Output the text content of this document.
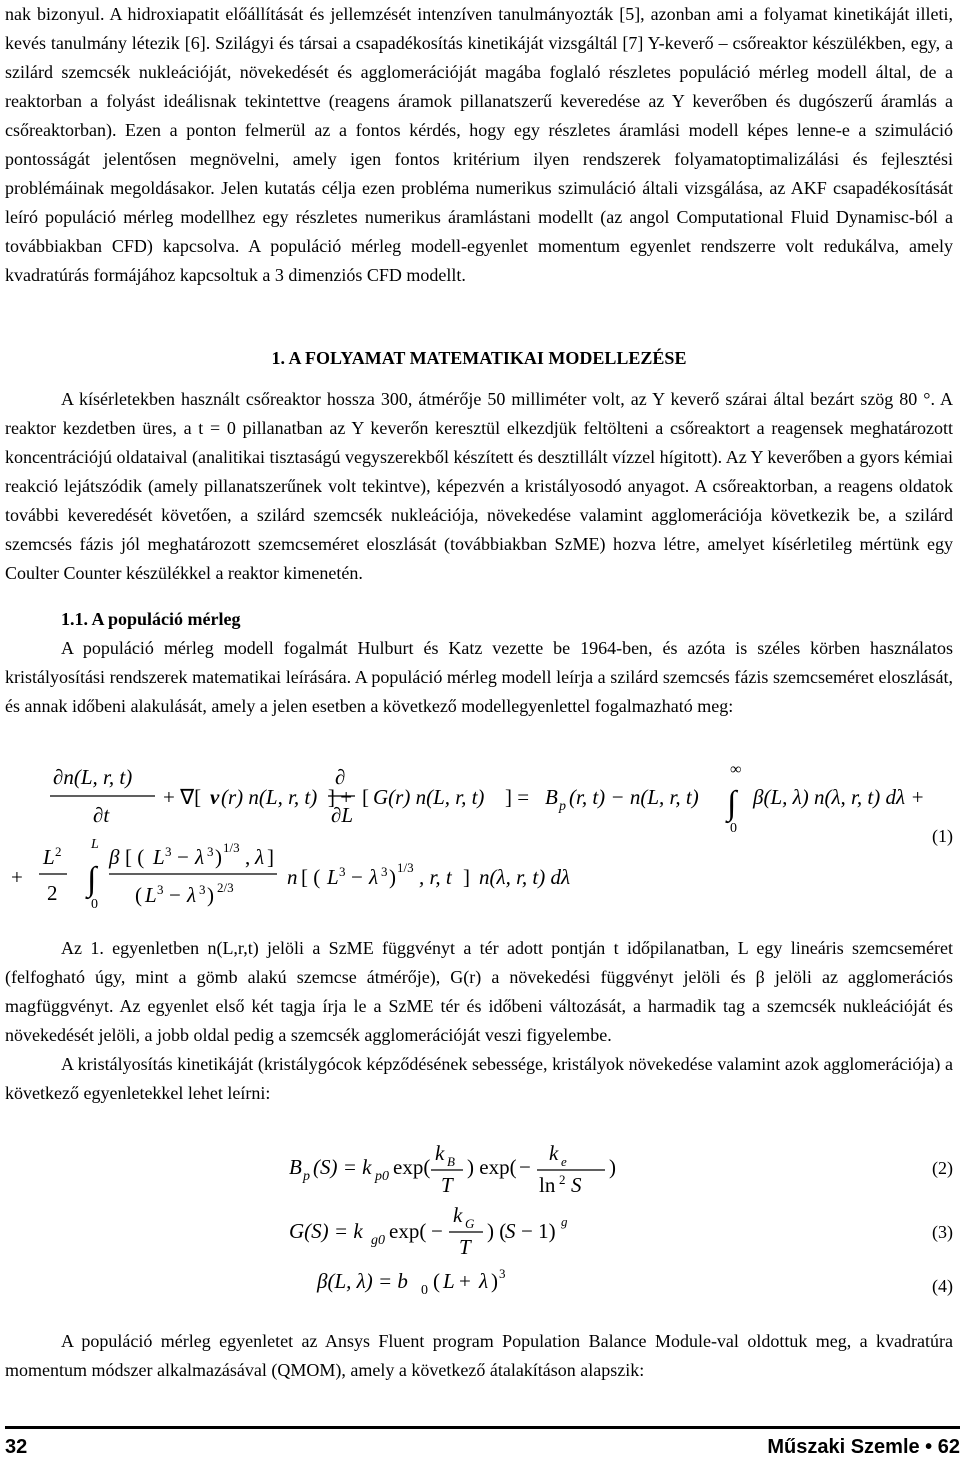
nak bizonyul. A hidroxiapatit előállítását és jellemzését intenzíven tanulmányozták [5], azonban ami a folyamat kinetikáját illeti, kevés tanulmány létezik [6]. Szilágyi és társai a csapadékosítás kinetikáját vizsgáltál [7] Y-keverő – csőreaktor készülékben, egy, a szilárd szemcsék nukleációját, növekedését és agglomerációját magába foglaló részletes populáció mérleg modell által, de a reaktorban a folyást ideálisnak tekintettve (reagens áramok pillanatszerű keveredése az Y keverőben és dugószerű áramlás a csőreaktorban). Ezen a ponton felmerül az a fontos kérdés, hogy egy részletes áramlási modell képes lenne-e a szimuláció pontosságát jelentősen megnövelni, amely igen fontos kritérium ilyen rendszerek folyamatoptimalizálási és fejlesztési problémáinak megoldásakor. Jelen kutatás célja ezen probléma numerikus szimuláció általi vizsgálása, az AKF csapadékosítását leíró populáció mérleg modellhez egy részletes numerikus áramlástani modellt (az angol Computational Fluid Dynamisc-ból a továbbiakban CFD) kapcsolva. A populáció mérleg modell-egyenlet momentum egyenlet rendszerre volt redukálva, amely kvadratúrás formájához kapcsoltuk a 3 dimenziós CFD modellt.

1. A FOLYAMAT MATEMATIKAI MODELLEZÉSE

A kísérletekben használt csőreaktor hossza 300, átmérője 50 milliméter volt, az Y keverő szárai által bezárt szög 80 °. A reaktor kezdetben üres, a t = 0 pillanatban az Y keverőn keresztül elkezdjük feltölteni a csőreaktort a reagensek meghatározott koncentrációjú oldataival (analitikai tisztaságú vegyszerekből készített és desztillált vízzel hígitott). Az Y keverőben a gyors kémiai reakció lejátszódik (amely pillanatszerűnek volt tekintve), képezvén a kristályosodó anyagot. A csőreaktorban, a reagens oldatok további keveredését követően, a szilárd szemcsék nukleációja, növekedése valamint agglomerációja következik be, a szilárd szemcsés fázis jól meghatározott szemcseméret eloszlását (továbbiakban SzME) hozva létre, amelyet kísérletileg mértünk egy Coulter Counter készülékkel a reaktor kimenetén.

1.1. A populáció mérleg

A populáció mérleg modell fogalmát Hulburt és Katz vezette be 1964-ben, és azóta is széles körben használatos kristályosítási rendszerek matematikai leírására. A populáció mérleg modell leírja a szilárd szemcsés fázis szemcseméret eloszlását, és annak időbeni alakulását, amely a jelen esetben a következő modellegyenlettel fogalmazható meg:

∂n(L, r, t)
∂t
+ ∇[ v (r) n(L, r, t) ] +
∂
∂L
[ G(r) n(L, r, t) ] = B p (r, t) − n(L, r, t)
∞
∫
0
β(L, λ) n(λ, r, t) dλ +
+
L 2
2
L
∫
0
β [ ( L 3 − λ 3 ) 1/3 , λ ]
( L 3 − λ 3 ) 2/3	n [ ( L 3 − λ 3 ) 1/3 , r, t ] n(λ, r, t) dλ
(1)

Az 1. egyenletben n(L,r,t) jelöli a SzME függvényt a tér adott pontján t időpilanatban, L egy lineáris szemcseméret (felfogható úgy, mint a gömb alakú szemcse átmérője), G(r) a növekedési függvényt jelöli és β jelöli az agglomerációs magfüggvényt. Az egyenlet első két tagja írja le a SzME tér és időbeni változását, a harmadik tag a szemcsék nukleációját és növekedését jelöli, a jobb oldal pedig a szemcsék agglomerációját veszi figyelembe.

A kristályosítás kinetikáját (kristálygócok képződésének sebessége, kristályok növekedése valamint azok agglomerációja) a következő egyenletekkel lehet leírni:

B p (S) = k p0 exp(
k B
T
) exp( −
k e
ln 2 S
)	(2)
G(S) = k g0 exp( −
k G
T
) (
S − 1) g
(3)
β(L, λ) = b 0 ( L + λ ) 3
(4)

A populáció mérleg egyenletet az Ansys Fluent program Population Balance Module-val oldottuk meg, a kvadratúra momentum módszer alkalmazásával (QMOM), amely a következő átalakításon alapszik:

32	Műszaki Szemle • 62
